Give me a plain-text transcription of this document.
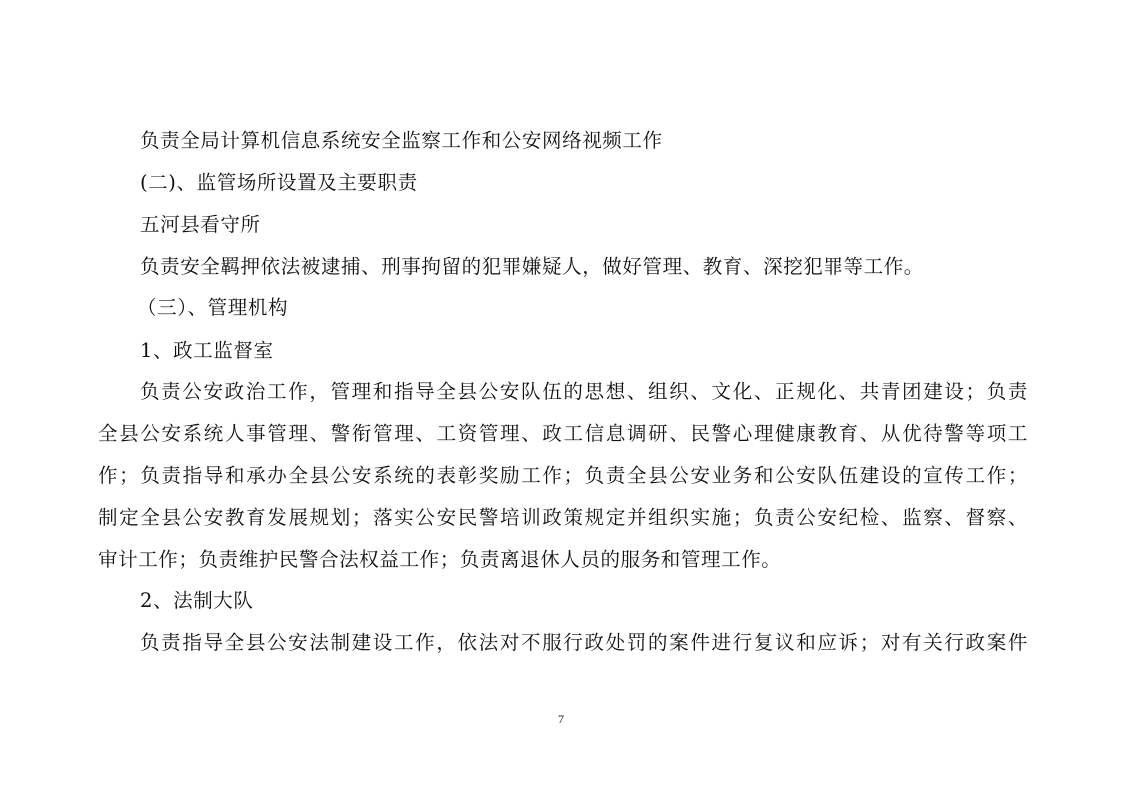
负责全局计算机信息系统安全监察工作和公安网络视频工作
(二)、监管场所设置及主要职责
五河县看守所
负责安全羁押依法被逮捕、刑事拘留的犯罪嫌疑人，做好管理、教育、深挖犯罪等工作。
（三）、管理机构
1、政工监督室
负责公安政治工作，管理和指导全县公安队伍的思想、组织、文化、正规化、共青团建设；负责
全县公安系统人事管理、警衔管理、工资管理、政工信息调研、民警心理健康教育、从优待警等项工
作；负责指导和承办全县公安系统的表彰奖励工作；负责全县公安业务和公安队伍建设的宣传工作；
制定全县公安教育发展规划；落实公安民警培训政策规定并组织实施；负责公安纪检、监察、督察、
审计工作；负责维护民警合法权益工作；负责离退休人员的服务和管理工作。
2、法制大队
负责指导全县公安法制建设工作，依法对不服行政处罚的案件进行复议和应诉；对有关行政案件
7
